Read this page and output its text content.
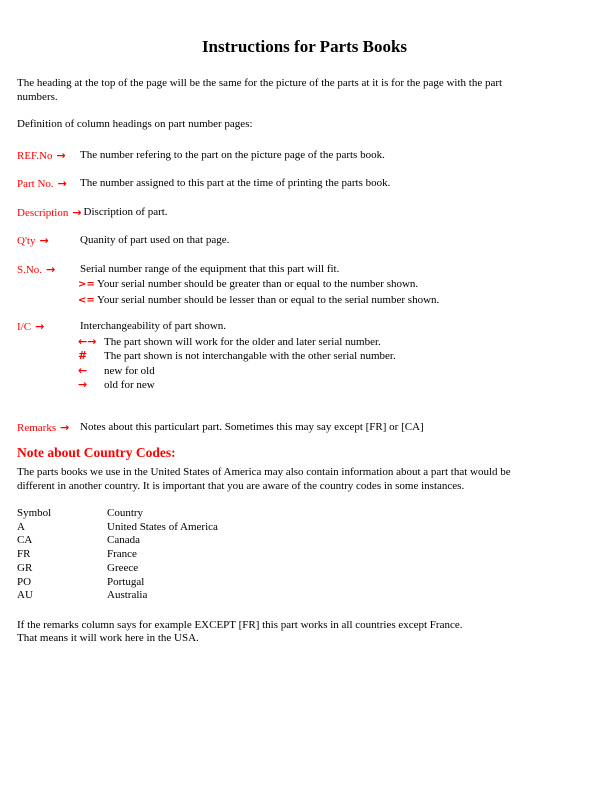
Instructions for Parts Books
The heading at the top of the page will be the same for the picture of the parts at it is for the page with the part
numbers.
Definition of column headings on part number pages:
REF.No →	The number refering to the part on the picture page of the parts book.
Part No. →	The number assigned to this part at the time of printing the parts book.
Description → Discription of part.
Q'ty →	Quanity of part used on that page.
S.No. →	Serial number range of the equipment that this part will fit.
>= Your serial number should be greater than or equal to the number shown.
<= Your serial number should be lesser than or equal to the serial number shown.
I/C →	Interchangeability of part shown.
←→ The part shown will work for the older and later serial number.
#	The part shown is not interchangable with the other serial number.
←	new for old
→	old for new
Remarks → Notes about this particulart part. Sometimes this may say except [FR] or [CA]
Note about Country Codes:
The parts books we use in the United States of America may also contain information about a part that would be
different in another country. It is important that you are aware of the country codes in some instances.
Symbol	Country
A	United States of America
CA	Canada
FR	France
GR	Greece
PO	Portugal
AU	Australia
If the remarks column says for example EXCEPT [FR] this part works in all countries except France.
That means it will work here in the USA.
